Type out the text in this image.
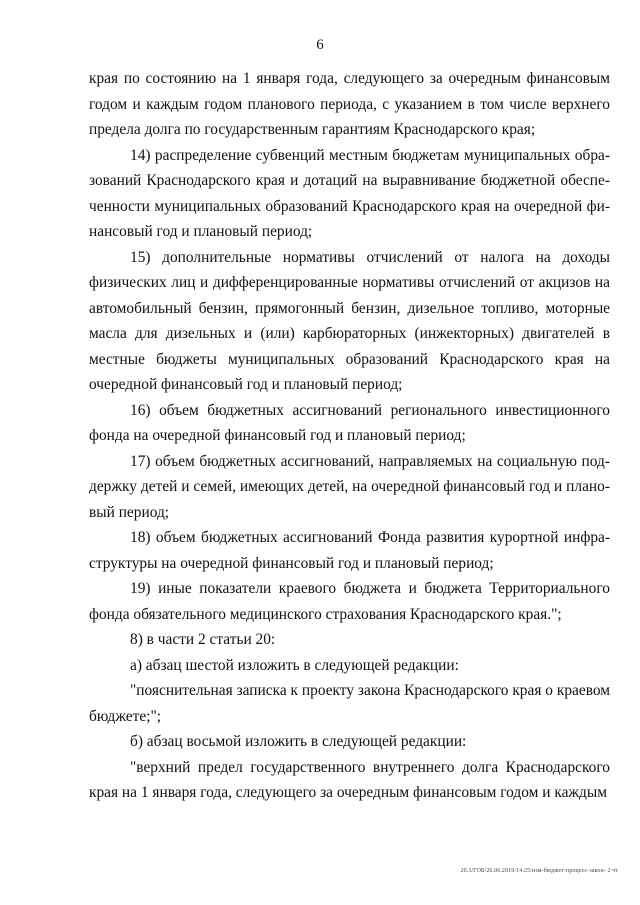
6

края по состоянию на 1 января года, следующего за очередным финансовым годом и каждым годом планового периода, с указанием в том числе верхнего предела долга по государственным гарантиям Краснодарского края;

14) распределение субвенций местным бюджетам муниципальных образований Краснодарского края и дотаций на выравнивание бюджетной обеспеченности муниципальных образований Краснодарского края на очередной финансовый год и плановый период;

15) дополнительные нормативы отчислений от налога на доходы физических лиц и дифференцированные нормативы отчислений от акцизов на автомобильный бензин, прямогонный бензин, дизельное топливо, моторные масла для дизельных и (или) карбюраторных (инжекторных) двигателей в местные бюджеты муниципальных образований Краснодарского края на очередной финансовый год и плановый период;

16) объем бюджетных ассигнований регионального инвестиционного фонда на очередной финансовый год и плановый период;

17) объем бюджетных ассигнований, направляемых на социальную поддержку детей и семей, имеющих детей, на очередной финансовый год и плановый период;

18) объем бюджетных ассигнований Фонда развития курортной инфраструктуры на очередной финансовый год и плановый период;

19) иные показатели краевого бюджета и бюджета Территориального фонда обязательного медицинского страхования Краснодарского края.";

8) в части 2 статьи 20:

а) абзац шестой изложить в следующей редакции:

"пояснительная записка к проекту закона Краснодарского края о краевом бюджете;";

б) абзац восьмой изложить в следующей редакции:

"верхний предел государственного внутреннего долга Краснодарского края на 1 января года, следующего за очередным финансовым годом и каждым

20.3/ГОБ/26.06.2019/14:25/изм-бюджет-процесс-закон- 2 чт
